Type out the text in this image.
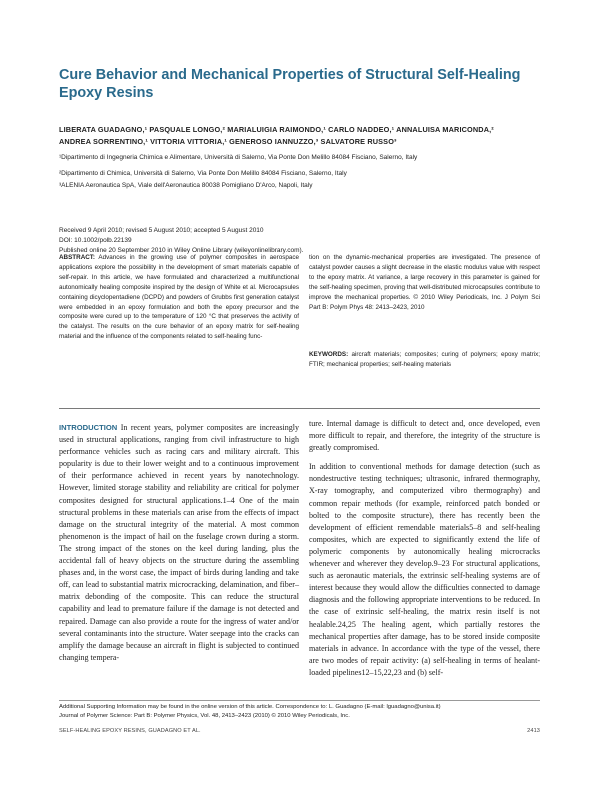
Cure Behavior and Mechanical Properties of Structural Self-Healing Epoxy Resins
LIBERATA GUADAGNO,¹ PASQUALE LONGO,² MARIALUIGIA RAIMONDO,¹ CARLO NADDEO,¹ ANNALUISA MARICONDA,²
ANDREA SORRENTINO,¹ VITTORIA VITTORIA,¹ GENEROSO IANNUZZO,³ SALVATORE RUSSO³
¹Dipartimento di Ingegneria Chimica e Alimentare, Università di Salerno, Via Ponte Don Melillo 84084 Fisciano, Salerno, Italy
²Dipartimento di Chimica, Università di Salerno, Via Ponte Don Melillo 84084 Fisciano, Salerno, Italy
³ALENIA Aeronautica SpA, Viale dell'Aeronautica 80038 Pomigliano D'Arco, Napoli, Italy
Received 9 April 2010; revised 5 August 2010; accepted 5 August 2010
DOI: 10.1002/polb.22139
Published online 20 September 2010 in Wiley Online Library (wileyonlinelibrary.com).
ABSTRACT: Advances in the growing use of polymer composites in aerospace applications explore the possibility in the development of smart materials capable of self-repair. In this article, we have formulated and characterized a multifunctional autonomically healing composite inspired by the design of White et al. Microcapsules containing dicyclopentadiene (DCPD) and powders of Grubbs first generation catalyst were embedded in an epoxy formulation and both the epoxy precursor and the composite were cured up to the temperature of 120 °C that preserves the activity of the catalyst. The results on the cure behavior of an epoxy matrix for self-healing material and the influence of the components related to self-healing func-
tion on the dynamic-mechanical properties are investigated. The presence of catalyst powder causes a slight decrease in the elastic modulus value with respect to the epoxy matrix. At variance, a large recovery in this parameter is gained for the self-healing specimen, proving that well-distributed microcapsules contribute to improve the mechanical properties. © 2010 Wiley Periodicals, Inc. J Polym Sci Part B: Polym Phys 48: 2413–2423, 2010
KEYWORDS: aircraft materials; composites; curing of polymers; epoxy matrix; FTIR; mechanical properties; self-healing materials

INTRODUCTION In recent years, polymer composites are increasingly used in structural applications, ranging from civil infrastructure to high performance vehicles such as racing cars and military aircraft. This popularity is due to their lower weight and to a continuous improvement of their performance achieved in recent years by nanotechnology. However, limited storage stability and reliability are critical for polymer composites designed for structural applications.1–4 One of the main structural problems in these materials can arise from the effects of impact damage on the structural integrity of the material. A most common phenomenon is the impact of hail on the fuselage crown during a storm. The strong impact of the stones on the keel during landing, plus the accidental fall of heavy objects on the structure during the assembling phases and, in the worst case, the impact of birds during landing and take off, can lead to substantial matrix microcracking, delamination, and fiber–matrix debonding of the composite. This can reduce the structural capability and lead to premature failure if the damage is not detected and repaired. Damage can also provide a route for the ingress of water and/or several contaminants into the structure. Water seepage into the cracks can amplify the damage because an aircraft in flight is subjected to continued changing tempera-

ture. Internal damage is difficult to detect and, once developed, even more difficult to repair, and therefore, the integrity of the structure is greatly compromised.

In addition to conventional methods for damage detection (such as nondestructive testing techniques; ultrasonic, infrared thermography, X-ray tomography, and computerized vibro thermography) and common repair methods (for example, reinforced patch bonded or bolted to the composite structure), there has recently been the development of efficient remendable materials5–8 and self-healing composites, which are expected to significantly extend the life of polymeric components by autonomically healing microcracks whenever and wherever they develop.9–23 For structural applications, such as aeronautic materials, the extrinsic self-healing systems are of interest because they would allow the difficulties connected to damage diagnosis and the following appropriate interventions to be reduced. In the case of extrinsic self-healing, the matrix resin itself is not healable.24,25 The healing agent, which partially restores the mechanical properties after damage, has to be stored inside composite materials in advance. In accordance with the type of the vessel, there are two modes of repair activity: (a) self-healing in terms of healant-loaded pipelines12–15,22,23 and (b) self-

Additional Supporting Information may be found in the online version of this article. Correspondence to: L. Guadagno (E-mail: lguadagno@unisa.it)
Journal of Polymer Science: Part B: Polymer Physics, Vol. 48, 2413–2423 (2010) © 2010 Wiley Periodicals, Inc.
SELF-HEALING EPOXY RESINS, GUADAGNO ET AL.	2413
